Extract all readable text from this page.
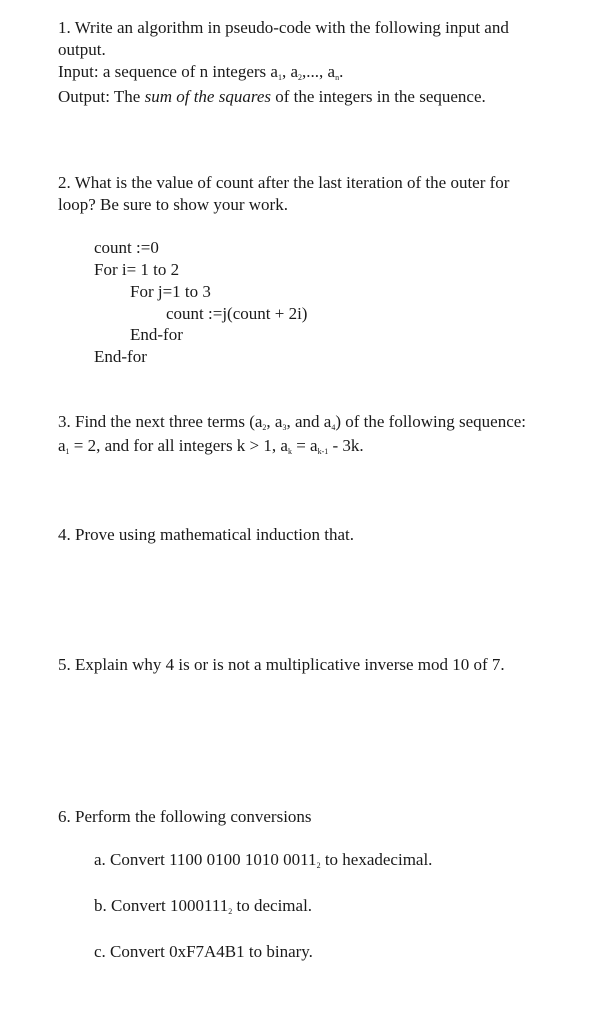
1. Write an algorithm in pseudo-code with the following input and
output.
Input: a sequence of n integers $a_1$, $a_2$,..., $a_n$.
Output: The sum of the squares of the integers in the sequence.
2. What is the value of count after the last iteration of the outer for
loop? Be sure to show your work.
count :=0
For i= 1 to 2
For j=1 to 3
count :=j(count + 2i)
End-for
End-for
3. Find the next three terms ($a_2$, $a_3$, and $a_4$) of the following sequence:
$a_1 = 2$, and for all integers k > 1, $a_k = a_{k-1} - 3k$.
4. Prove using mathematical induction that.
5. Explain why 4 is or is not a multiplicative inverse mod 10 of 7.
6. Perform the following conversions
a. Convert 1100 0100 1010 $0011_2$ to hexadecimal.
b. Convert $1000111_2$ to decimal.
c. Convert 0xF7A4B1 to binary.
